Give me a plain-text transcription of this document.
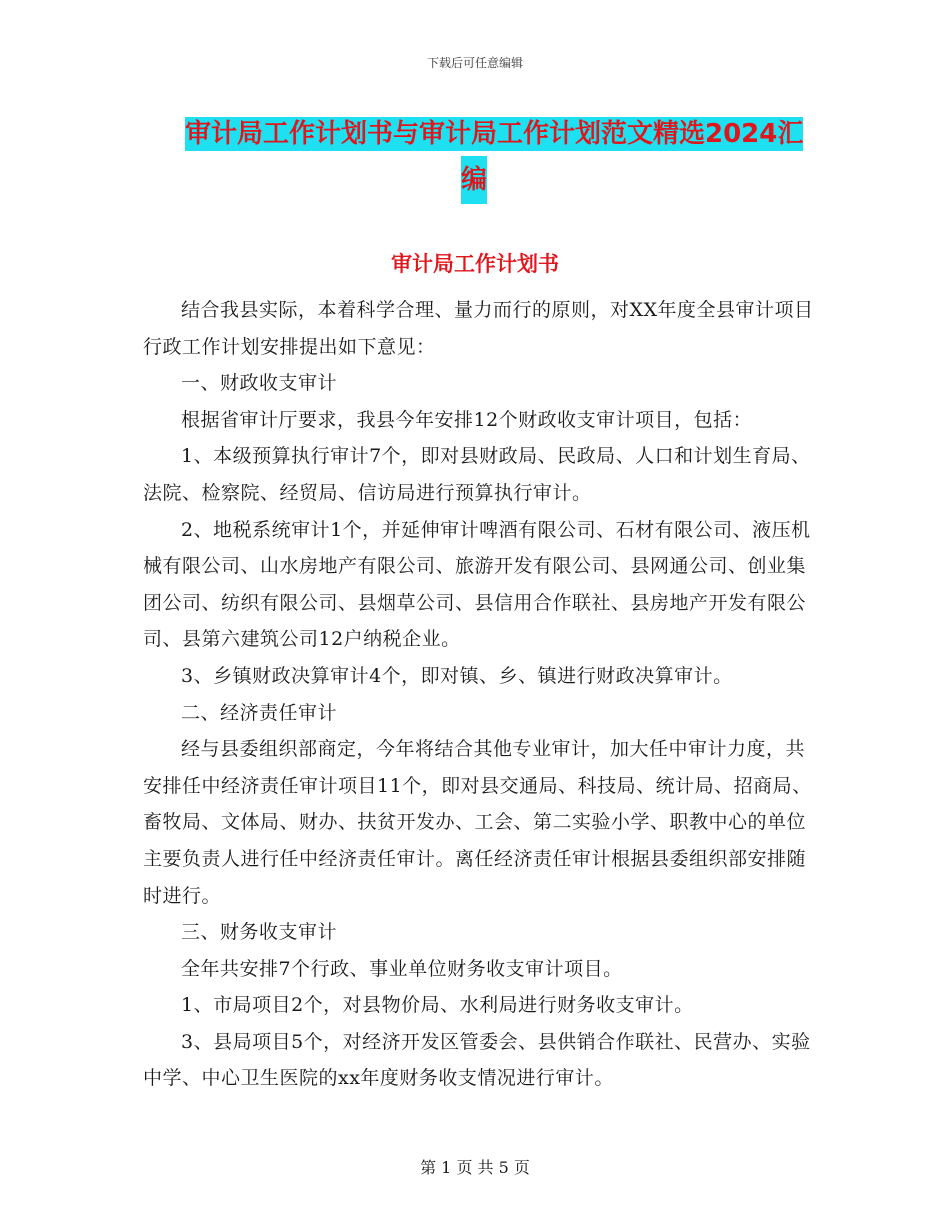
下载后可任意编辑
审计局工作计划书与审计局工作计划范文精选2024汇
编
审计局工作计划书

结合我县实际，本着科学合理、量力而行的原则，对XX年度全县审计项目行政工作计划安排提出如下意见：

一、财政收支审计

根据省审计厅要求，我县今年安排12个财政收支审计项目，包括：

1、本级预算执行审计7个，即对县财政局、民政局、人口和计划生育局、法院、检察院、经贸局、信访局进行预算执行审计。

2、地税系统审计1个，并延伸审计啤酒有限公司、石材有限公司、液压机械有限公司、山水房地产有限公司、旅游开发有限公司、县网通公司、创业集团公司、纺织有限公司、县烟草公司、县信用合作联社、县房地产开发有限公司、县第六建筑公司12户纳税企业。

3、乡镇财政决算审计4个，即对镇、乡、镇进行财政决算审计。

二、经济责任审计

经与县委组织部商定，今年将结合其他专业审计，加大任中审计力度，共安排任中经济责任审计项目11个，即对县交通局、科技局、统计局、招商局、畜牧局、文体局、财办、扶贫开发办、工会、第二实验小学、职教中心的单位主要负责人进行任中经济责任审计。离任经济责任审计根据县委组织部安排随时进行。

三、财务收支审计

全年共安排7个行政、事业单位财务收支审计项目。

1、市局项目2个，对县物价局、水利局进行财务收支审计。

3、县局项目5个，对经济开发区管委会、县供销合作联社、民营办、实验中学、中心卫生医院的xx年度财务收支情况进行审计。

第 1 页 共 5 页
